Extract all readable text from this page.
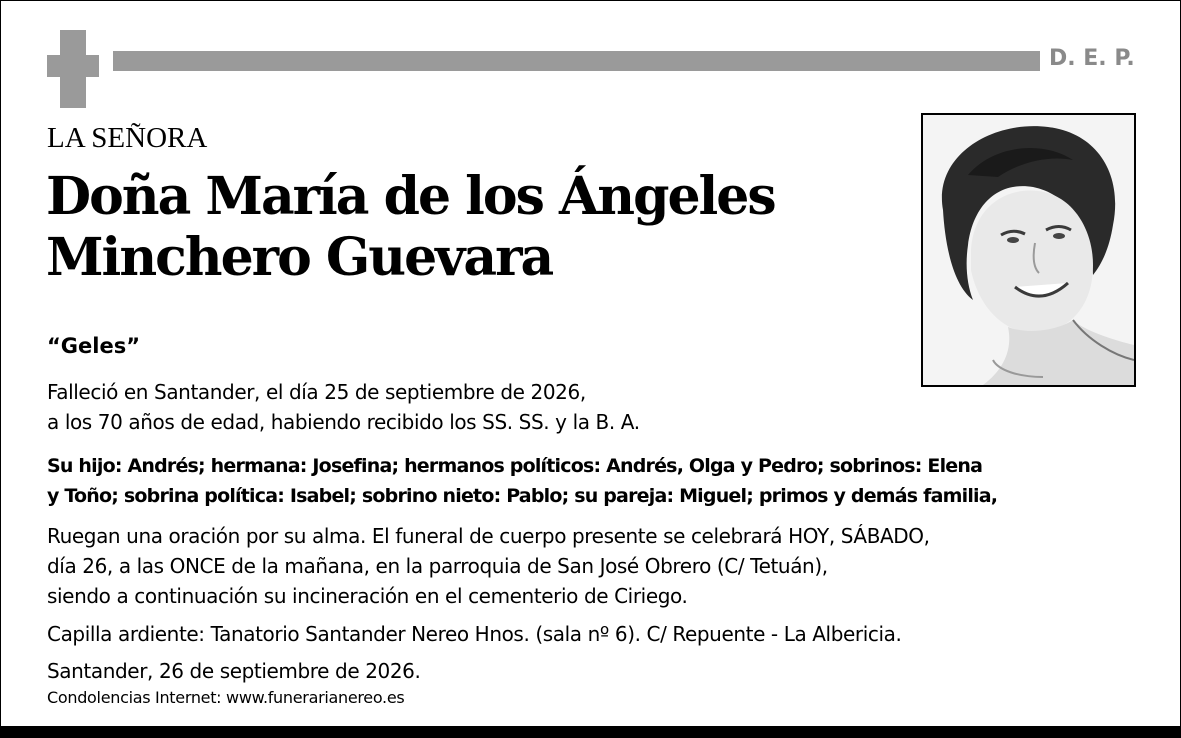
D. E. P.
LA SEÑORA
Doña María de los Ángeles
Minchero Guevara
“Geles”
Falleció en Santander, el día 25 de septiembre de 2026,
a los 70 años de edad, habiendo recibido los SS. SS. y la B. A.
Su hijo: Andrés; hermana: Josefina; hermanos políticos: Andrés, Olga y Pedro; sobrinos: Elena
y Toño; sobrina política: Isabel; sobrino nieto: Pablo; su pareja: Miguel; primos y demás familia,
Ruegan una oración por su alma. El funeral de cuerpo presente se celebrará HOY, SÁBADO,
día 26, a las ONCE de la mañana, en la parroquia de San José Obrero (C/ Tetuán),
siendo a continuación su incineración en el cementerio de Ciriego.
Capilla ardiente: Tanatorio Santander Nereo Hnos. (sala nº 6). C/ Repuente - La Albericia.
Santander, 26 de septiembre de 2026.
Condolencias Internet: www.funerarianereo.es
